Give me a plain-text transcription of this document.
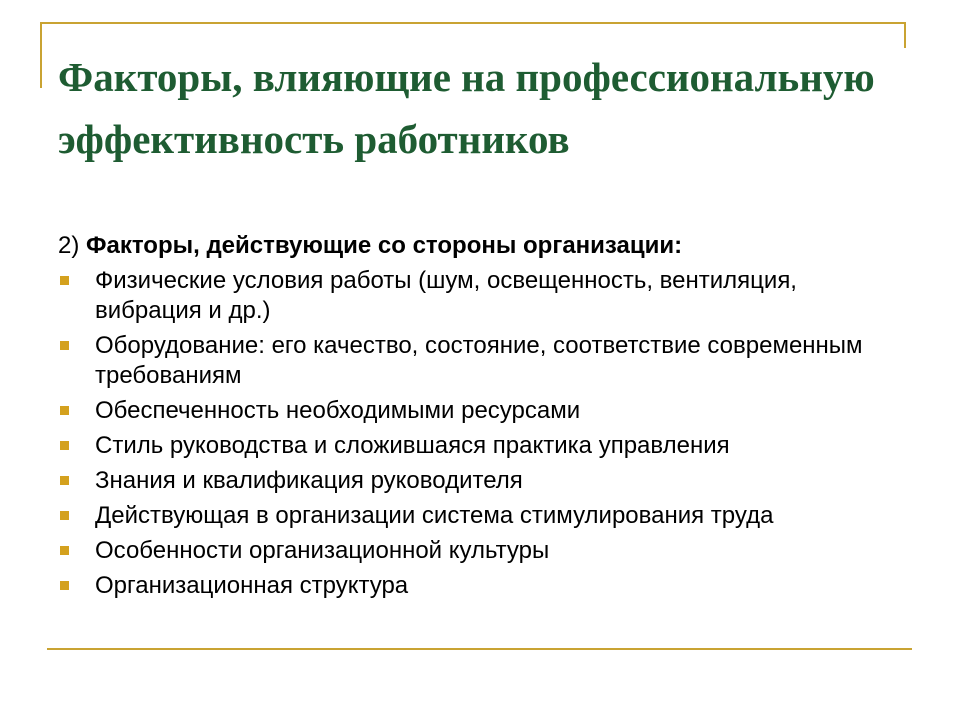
Факторы, влияющие на профессиональную эффективность работников

2) Факторы, действующие со стороны организации:

Физические условия работы (шум, освещенность, вентиляция, вибрация и др.)
Оборудование: его качество, состояние, соответствие современным требованиям
Обеспеченность необходимыми ресурсами
Стиль руководства и сложившаяся практика управления
Знания и квалификация руководителя
Действующая в организации система стимулирования труда
Особенности организационной культуры
Организационная структура
